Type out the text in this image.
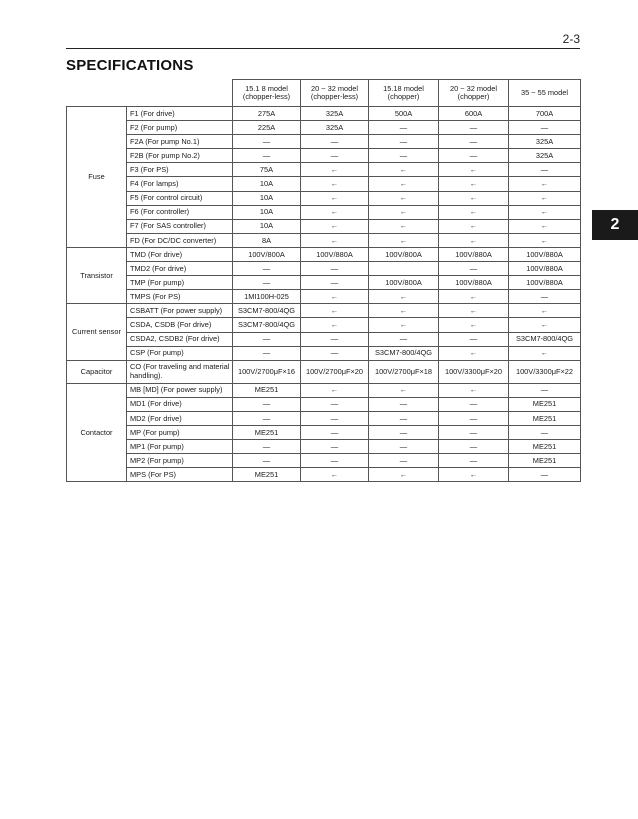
2-3
SPECIFICATIONS
2
		15.1 8 model (chopper-less)	20 ~ 32 model (chopper-less)	15.18 model (chopper)	20 ~ 32 model (chopper)	35 ~ 55 model
Fuse	F1 (For drive)	275A	325A	500A	600A	700A
	F2 (For pump)	225A	325A	—	—	—
	F2A (For pump No.1)	—	—	—	—	325A
	F2B (For pump No.2)	—	—	—	—	325A
	F3 (For PS)	75A	←	←	←	—
	F4 (For lamps)	10A	←	←	←	←
	F5 (For control circuit)	10A	←	←	←	←
	F6 (For controller)	10A	←	←	←	←
	F7 (For SAS controller)	10A	←	←	←	←
	FD (For DC/DC converter)	8A	←	←	←	←
Transistor	TMD (For drive)	100V/800A	100V/880A	100V/800A	100V/880A	100V/880A
	TMD2 (For drive)	—	—		—	100V/880A
	TMP (For pump)	—	—	100V/800A	100V/880A	100V/880A
	TMPS (For PS)	1MI100H-025	←	←	←	—
Current sensor	CSBATT (For power supply)	S3CM7-800/4QG	←	←	←	←
	CSDA, CSDB (For drive)	S3CM7-800/4QG	←	←	←	←
	CSDA2, CSDB2 (For drive)	—	—	—	—	S3CM7-800/4QG
	CSP (For pump)	—	—	S3CM7-800/4QG	←	←
Capacitor	CO (For traveling and material handling).	100V/2700μF×16	100V/2700μF×20	100V/2700μF×18	100V/3300μF×20	100V/3300μF×22
Contactor	MB [MD] (For power supply)	ME251	←	←	←	—
	MD1 (For drive)	—	—	—	—	ME251
	MD2 (For drive)	—	—	—	—	ME251
	MP (For pump)	ME251	—	—	—	—
	MP1 (For pump)	—	—	—	—	ME251
	MP2 (For pump)	—	—	—	—	ME251
	MPS (For PS)	ME251	←	←	←	—
